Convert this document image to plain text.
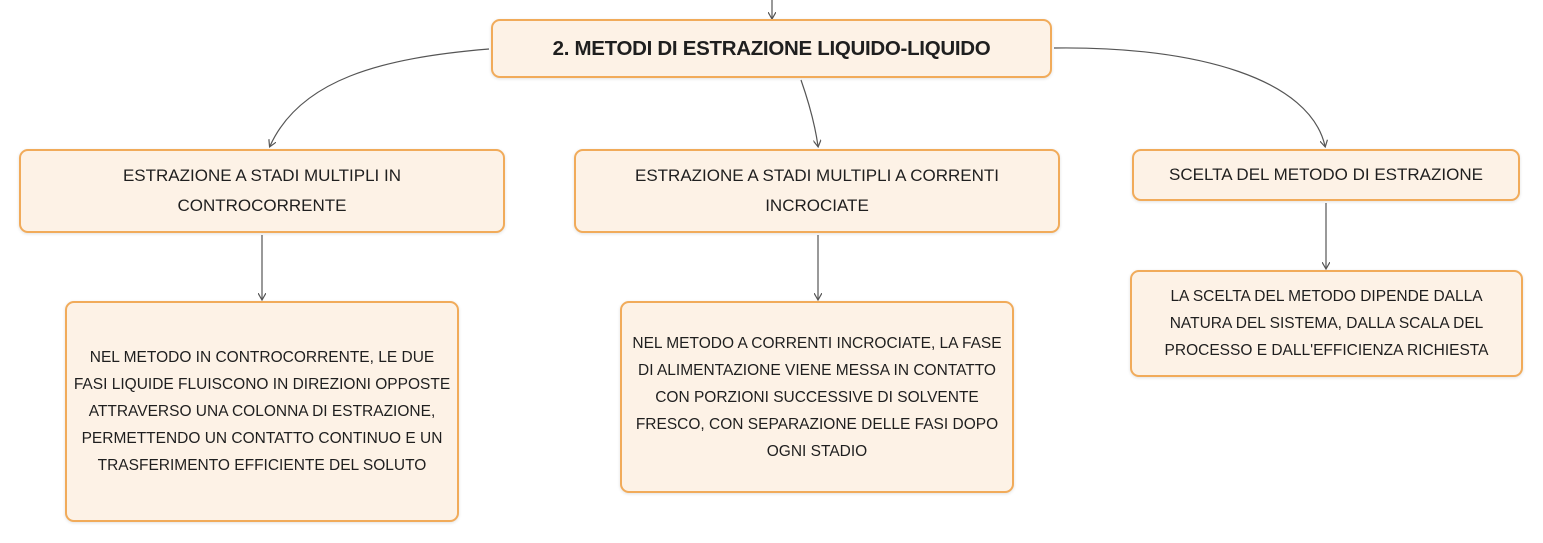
2. METODI DI ESTRAZIONE LIQUIDO-LIQUIDO
ESTRAZIONE A STADI MULTIPLI IN CONTROCORRENTE
ESTRAZIONE A STADI MULTIPLI A CORRENTI INCROCIATE
SCELTA DEL METODO DI ESTRAZIONE
NEL METODO IN CONTROCORRENTE, LE DUE FASI LIQUIDE FLUISCONO IN DIREZIONI OPPOSTE ATTRAVERSO UNA COLONNA DI ESTRAZIONE, PERMETTENDO UN CONTATTO CONTINUO E UN TRASFERIMENTO EFFICIENTE DEL SOLUTO
NEL METODO A CORRENTI INCROCIATE, LA FASE DI ALIMENTAZIONE VIENE MESSA IN CONTATTO CON PORZIONI SUCCESSIVE DI SOLVENTE FRESCO, CON SEPARAZIONE DELLE FASI DOPO OGNI STADIO
LA SCELTA DEL METODO DIPENDE DALLA NATURA DEL SISTEMA, DALLA SCALA DEL PROCESSO E DALL'EFFICIENZA RICHIESTA
